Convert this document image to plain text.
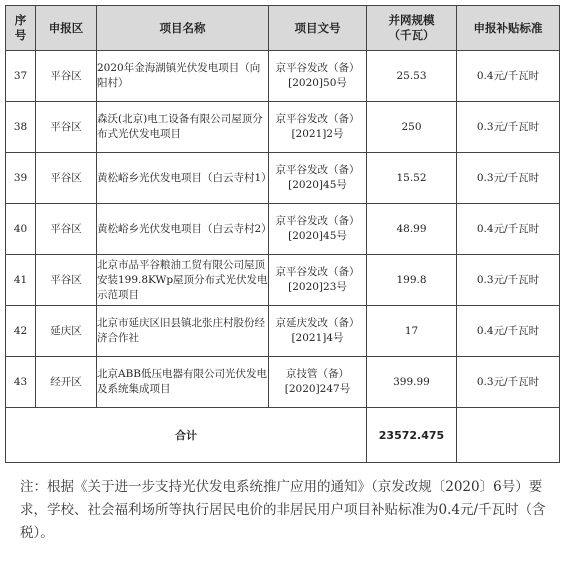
序号	申报区	项目名称	项目文号	并网规模（千瓦）	申报补贴标准
37	平谷区	2020年金海湖镇光伏发电项目（向阳村）	京平谷发改（备）[2020]50号	25.53	0.4元/千瓦时
38	平谷区	森沃(北京)电工设备有限公司屋顶分布式光伏发电项目	京平谷发改（备）[2021]2号	250	0.3元/千瓦时
39	平谷区	黄松峪乡光伏发电项目（白云寺村1）	京平谷发改（备）[2020]45号	15.52	0.3元/千瓦时
40	平谷区	黄松峪乡光伏发电项目（白云寺村2）	京平谷发改（备）[2020]45号	48.99	0.4元/千瓦时
41	平谷区	北京市品平谷粮油工贸有限公司屋顶安装199.8KWp屋顶分布式光伏发电示范项目	京平谷发改（备）[2020]23号	199.8	0.3元/千瓦时
42	延庆区	北京市延庆区旧县镇北张庄村股份经济合作社	京延庆发改（备）[2021]4号	17	0.4元/千瓦时
43	经开区	北京ABB低压电器有限公司光伏发电及系统集成项目	京技管（备）[2020]247号	399.99	0.3元/千瓦时
合计				23572.475	

注：根据《关于进一步支持光伏发电系统推广应用的通知》（京发改规〔2020〕6号）要求，学校、社会福利场所等执行居民电价的非居民用户项目补贴标准为0.4元/千瓦时（含税）。
